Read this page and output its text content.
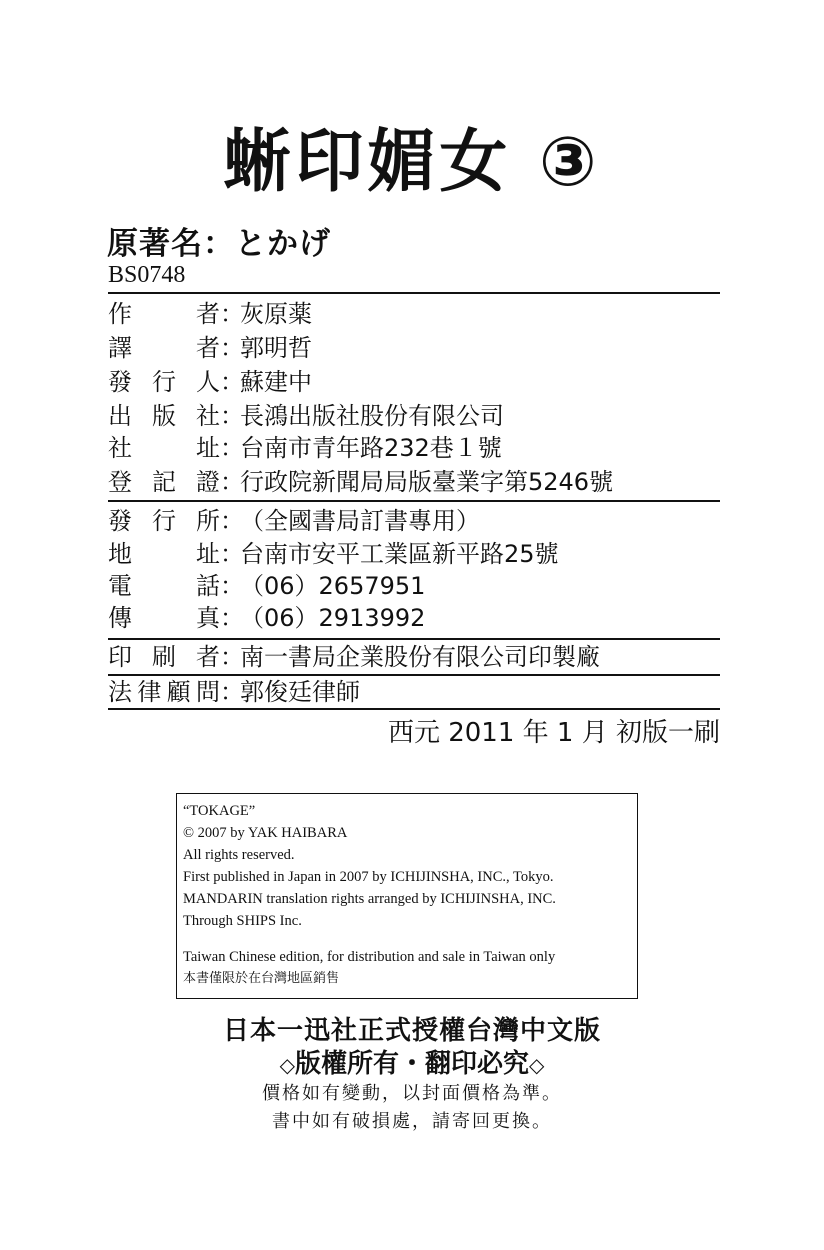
蜥印媚女 ③
原著名：とかげ
BS0748
作　　者：灰原薬
譯　　者：郭明哲
發 行 人：蘇建中
出 版 社：長鴻出版社股份有限公司
社　　址：台南市青年路232巷１號
登 記 證：行政院新聞局局版臺業字第5246號
發 行 所：（全國書局訂書專用）
地　　址：台南市安平工業區新平路25號
電　　話：（06）2657951
傳　　真：（06）2913992
印 刷 者：南一書局企業股份有限公司印製廠
法律顧問：郭俊廷律師
西元 2011 年 1 月 初版一刷
“TOKAGE”
© 2007 by YAK HAIBARA
All rights reserved.
First published in Japan in 2007 by ICHIJINSHA, INC., Tokyo.
MANDARIN translation rights arranged by ICHIJINSHA, INC.
Through SHIPS Inc.
Taiwan Chinese edition, for distribution and sale in Taiwan only
本書僅限於在台灣地區銷售
日本一迅社正式授權台灣中文版
◇版權所有・翻印必究◇
價格如有變動，以封面價格為準。
書中如有破損處，請寄回更換。
